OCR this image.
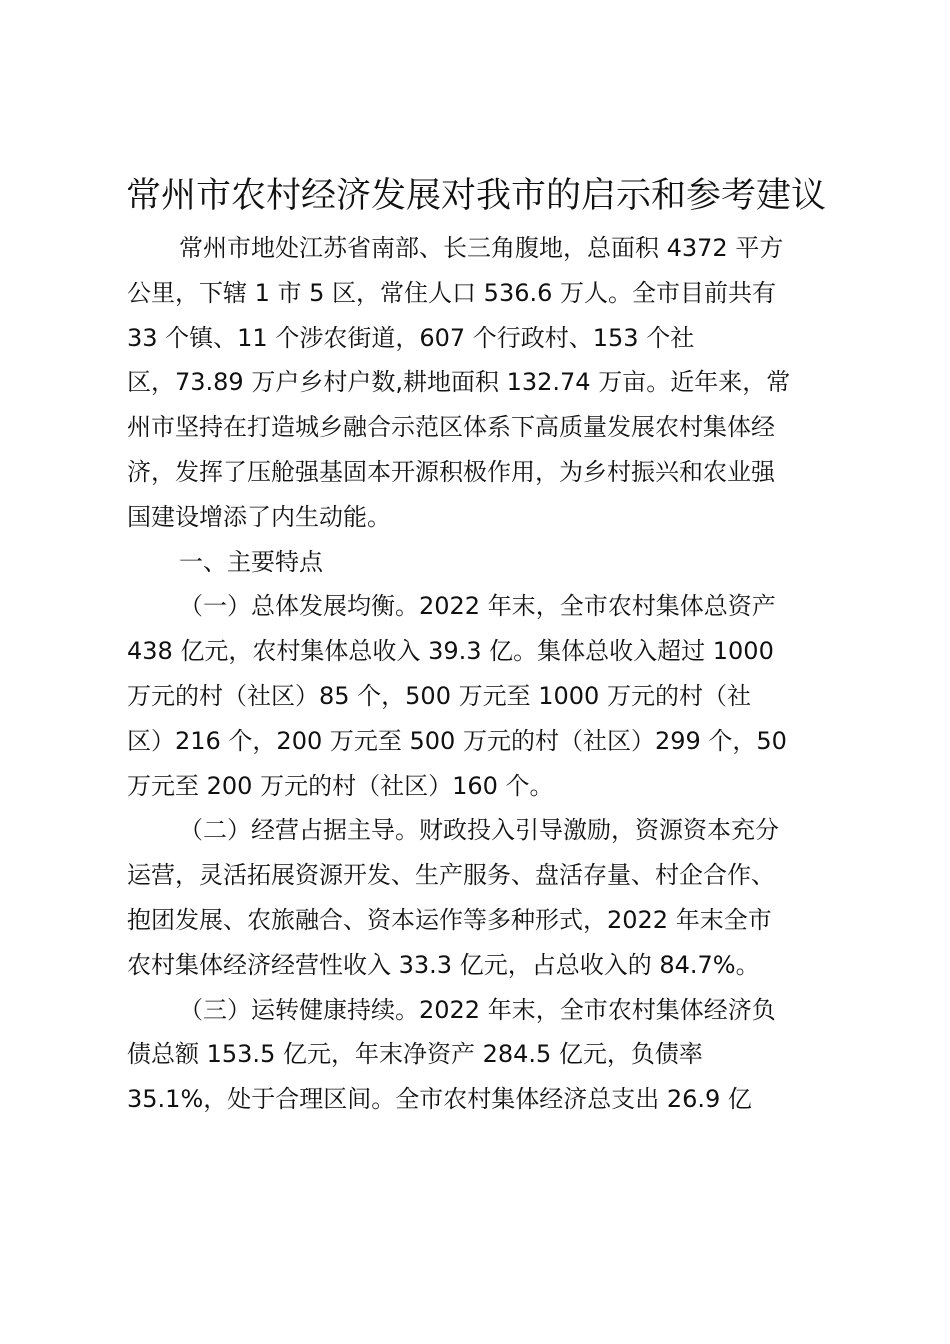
常州市农村经济发展对我市的启示和参考建议
常州市地处江苏省南部、长三角腹地，总面积 4372 平方
公里，下辖 1 市 5 区，常住人口 536.6 万人。全市目前共有
33 个镇、11 个涉农街道，607 个行政村、153 个社
区，73.89 万户乡村户数,耕地面积 132.74 万亩。近年来，常
州市坚持在打造城乡融合示范区体系下高质量发展农村集体经
济，发挥了压舱强基固本开源积极作用，为乡村振兴和农业强
国建设增添了内生动能。
一、主要特点
（一）总体发展均衡。2022 年末，全市农村集体总资产
438 亿元，农村集体总收入 39.3 亿。集体总收入超过 1000
万元的村（社区）85 个，500 万元至 1000 万元的村（社
区）216 个，200 万元至 500 万元的村（社区）299 个，50
万元至 200 万元的村（社区）160 个。
（二）经营占据主导。财政投入引导激励，资源资本充分
运营，灵活拓展资源开发、生产服务、盘活存量、村企合作、
抱团发展、农旅融合、资本运作等多种形式，2022 年末全市
农村集体经济经营性收入 33.3 亿元，占总收入的 84.7%。
（三）运转健康持续。2022 年末，全市农村集体经济负
债总额 153.5 亿元，年末净资产 284.5 亿元，负债率
35.1%，处于合理区间。全市农村集体经济总支出 26.9 亿
